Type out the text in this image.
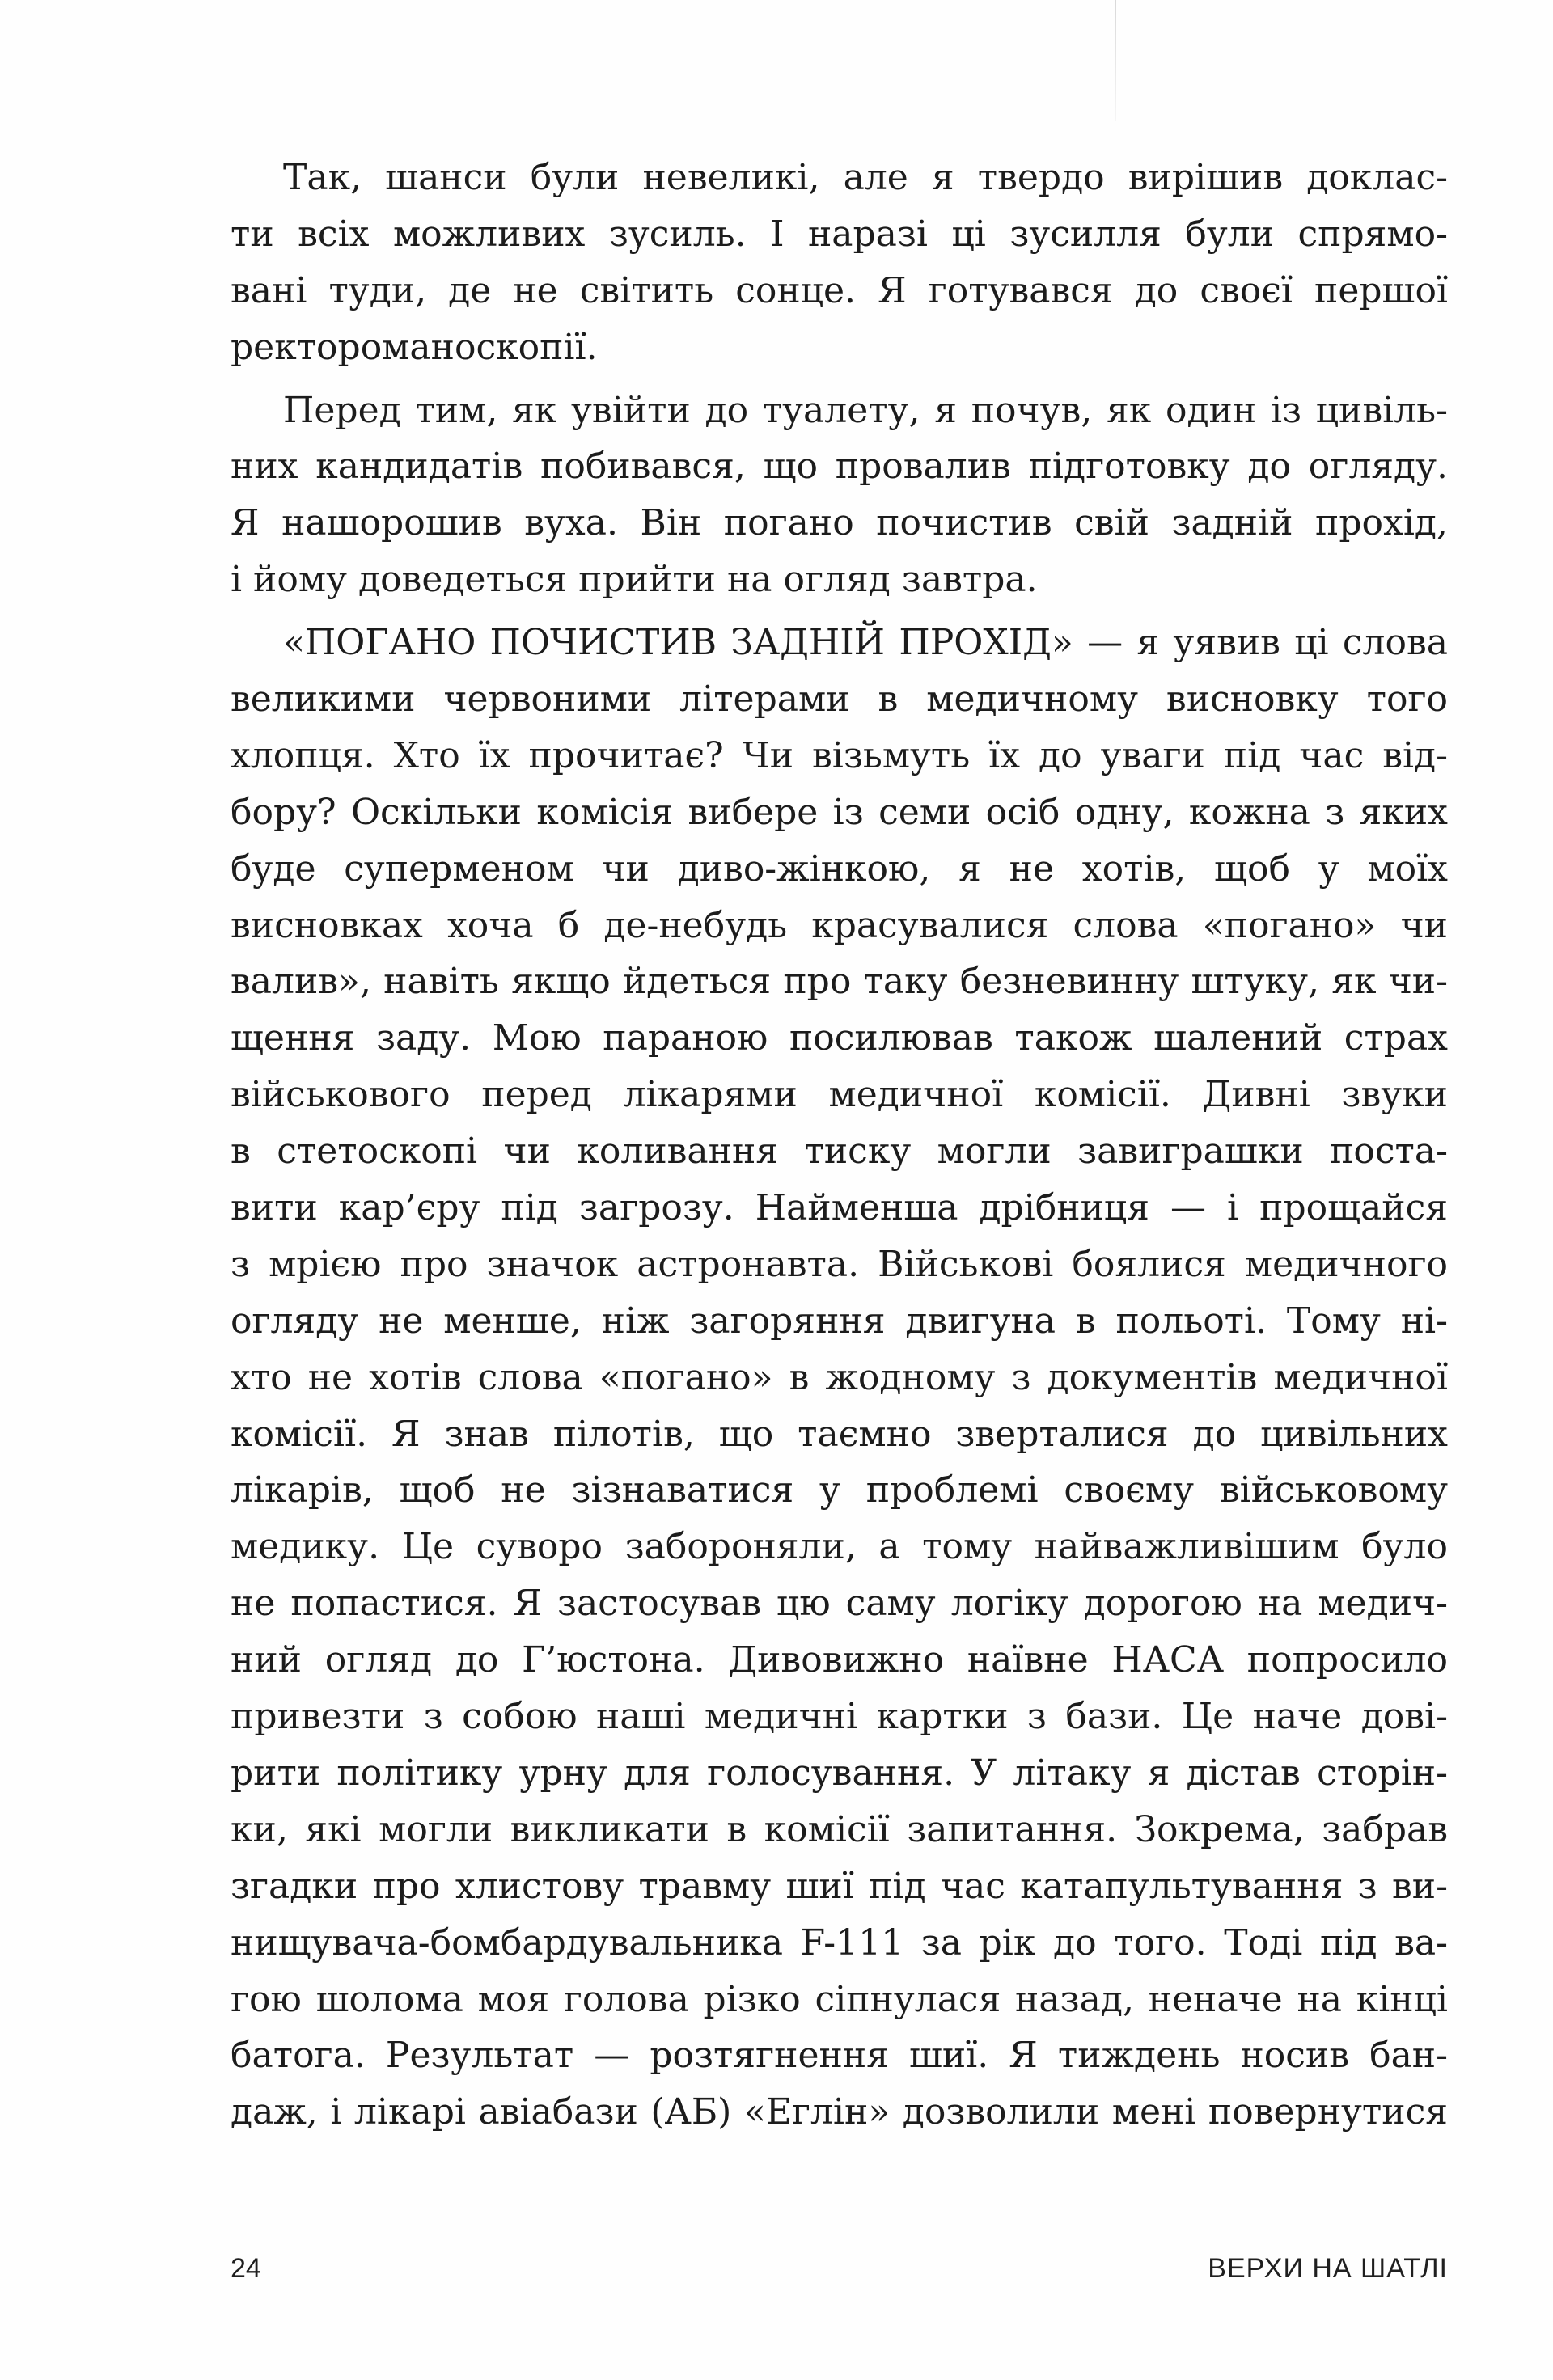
Так, шанси були невеликі, але я твердо вирішив доклас-
ти всіх можливих зусиль. І наразі ці зусилля були спрямо-
вані туди, де не світить сонце. Я готувався до своєї першої
ректороманоскопії.
Перед тим, як увійти до туалету, я почув, як один із цивіль-
них кандидатів побивався, що провалив підготовку до огляду.
Я нашорошив вуха. Він погано почистив свій задній прохід,
і йому доведеться прийти на огляд завтра.
«ПОГАНО ПОЧИСТИВ ЗАДНІЙ ПРОХІД» — я уявив ці слова
великими червоними літерами в медичному висновку того
хлопця. Хто їх прочитає? Чи візьмуть їх до уваги під час від-
бору? Оскільки комісія вибере із семи осіб одну, кожна з яких
буде суперменом чи диво-жінкою, я не хотів, щоб у моїх
висновках хоча б де-небудь красувалися слова «погано» чи
валив», навіть якщо йдеться про таку безневинну штуку, як чи-
щення заду. Мою параною посилював також шалений страх
військового перед лікарями медичної комісії. Дивні звуки
в стетоскопі чи коливання тиску могли завиграшки поста-
вити кар’єру під загрозу. Найменша дрібниця — і прощайся
з мрією про значок астронавта. Військові боялися медичного
огляду не менше, ніж загоряння двигуна в польоті. Тому ні-
хто не хотів слова «погано» в жодному з документів медичної
комісії. Я знав пілотів, що таємно зверталися до цивільних
лікарів, щоб не зізнаватися у проблемі своєму військовому
медику. Це суворо забороняли, а тому найважливішим було
не попастися. Я застосував цю саму логіку дорогою на медич-
ний огляд до Г’юстона. Дивовижно наївне НАСА попросило
привезти з собою наші медичні картки з бази. Це наче дові-
рити політику урну для голосування. У літаку я дістав сторін-
ки, які могли викликати в комісії запитання. Зокрема, забрав
згадки про хлистову травму шиї під час катапультування з ви-
нищувача-бомбардувальника F-111 за рік до того. Тоді під ва-
гою шолома моя голова різко сіпнулася назад, неначе на кінці
батога. Результат — розтягнення шиї. Я тиждень носив бан-
даж, і лікарі авіабази (АБ) «Еглін» дозволили мені повернутися
24	ВЕРХИ НА ШАТЛІ
